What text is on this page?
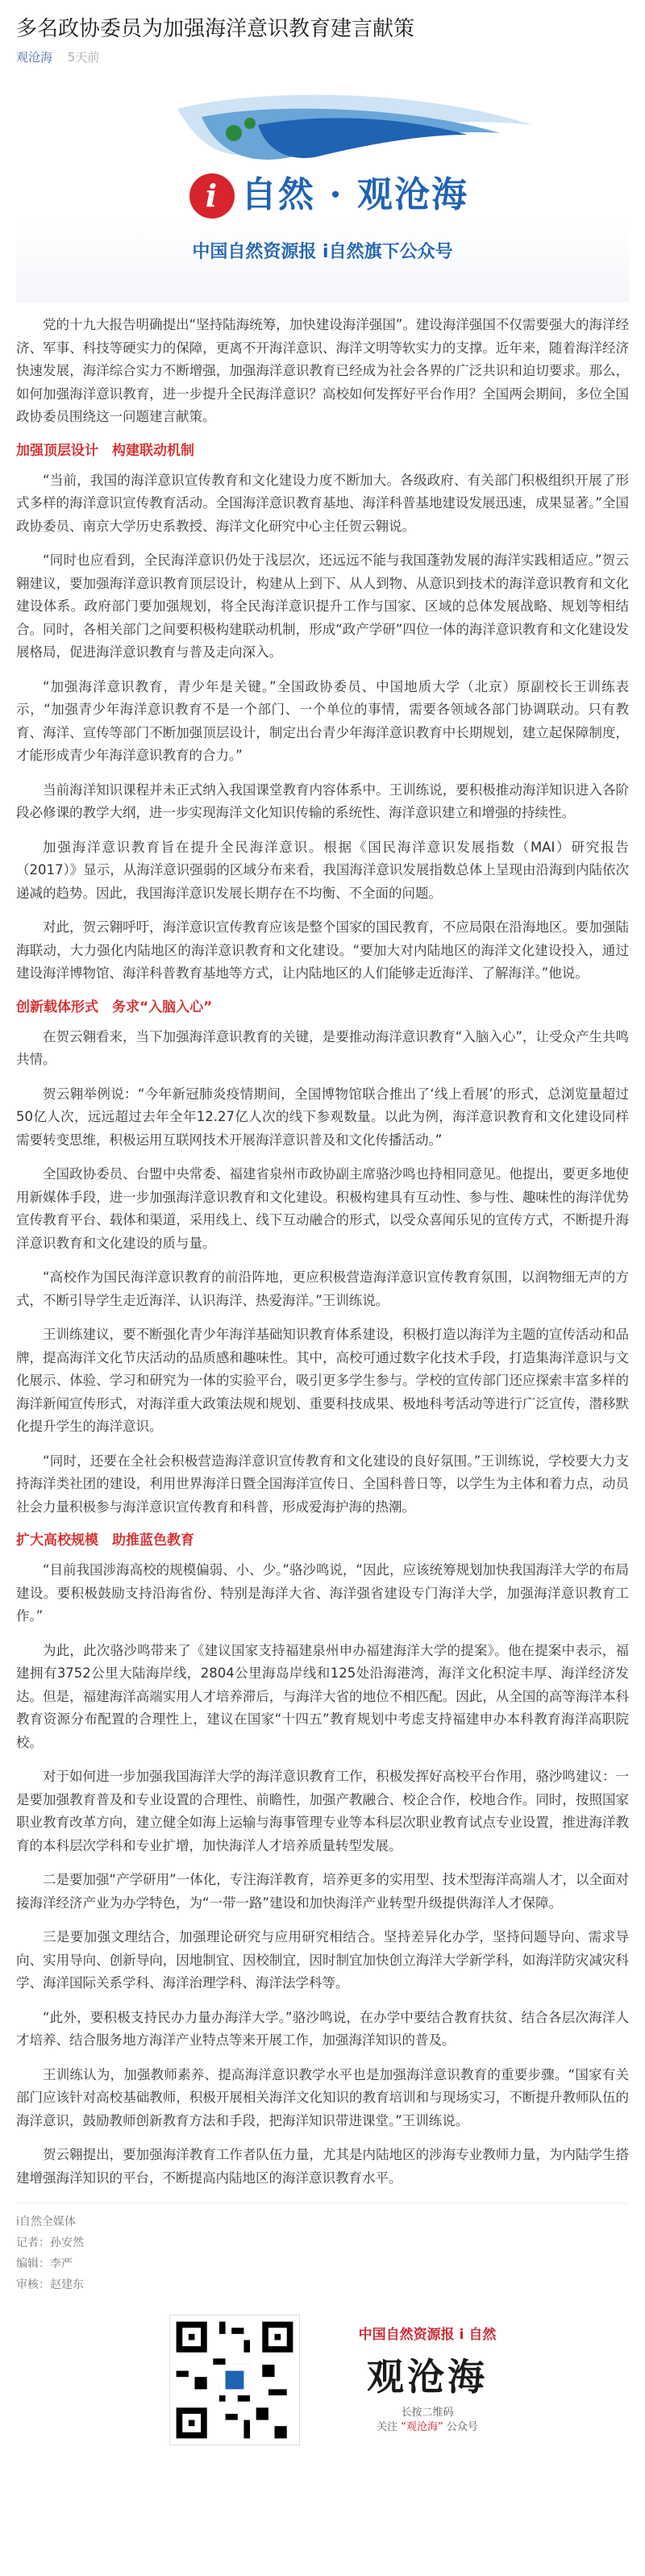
多名政协委员为加强海洋意识教育建言献策
观沧海 5天前
i 自然 · 观沧海
中国自然资源报 i自然旗下公众号
党的十九大报告明确提出“坚持陆海统筹，加快建设海洋强国”。建设海洋强国不仅需要强大的海洋经济、军事、科技等硬实力的保障，更离不开海洋意识、海洋文明等软实力的支撑。近年来，随着海洋经济快速发展，海洋综合实力不断增强，加强海洋意识教育已经成为社会各界的广泛共识和迫切要求。那么，如何加强海洋意识教育，进一步提升全民海洋意识？高校如何发挥好平台作用？全国两会期间，多位全国政协委员围绕这一问题建言献策。
加强顶层设计　构建联动机制
“当前，我国的海洋意识宣传教育和文化建设力度不断加大。各级政府、有关部门积极组织开展了形式多样的海洋意识宣传教育活动。全国海洋意识教育基地、海洋科普基地建设发展迅速，成果显著。”全国政协委员、南京大学历史系教授、海洋文化研究中心主任贺云翱说。
“同时也应看到，全民海洋意识仍处于浅层次，还远远不能与我国蓬勃发展的海洋实践相适应。”贺云翱建议，要加强海洋意识教育顶层设计，构建从上到下、从人到物、从意识到技术的海洋意识教育和文化建设体系。政府部门要加强规划，将全民海洋意识提升工作与国家、区域的总体发展战略、规划等相结合。同时，各相关部门之间要积极构建联动机制，形成“政产学研”四位一体的海洋意识教育和文化建设发展格局，促进海洋意识教育与普及走向深入。
“加强海洋意识教育，青少年是关键。”全国政协委员、中国地质大学（北京）原副校长王训练表示，“加强青少年海洋意识教育不是一个部门、一个单位的事情，需要各领域各部门协调联动。只有教育、海洋、宣传等部门不断加强顶层设计，制定出台青少年海洋意识教育中长期规划，建立起保障制度，才能形成青少年海洋意识教育的合力。”
当前海洋知识课程并未正式纳入我国课堂教育内容体系中。王训练说，要积极推动海洋知识进入各阶段必修课的教学大纲，进一步实现海洋文化知识传输的系统性、海洋意识建立和增强的持续性。
加强海洋意识教育旨在提升全民海洋意识。根据《国民海洋意识发展指数（MAI）研究报告（2017）》显示，从海洋意识强弱的区域分布来看，我国海洋意识发展指数总体上呈现由沿海到内陆依次递减的趋势。因此，我国海洋意识发展长期存在不均衡、不全面的问题。
对此，贺云翱呼吁，海洋意识宣传教育应该是整个国家的国民教育，不应局限在沿海地区。要加强陆海联动，大力强化内陆地区的海洋意识教育和文化建设。“要加大对内陆地区的海洋文化建设投入，通过建设海洋博物馆、海洋科普教育基地等方式，让内陆地区的人们能够走近海洋、了解海洋。”他说。
创新载体形式　务求“入脑入心”
在贺云翱看来，当下加强海洋意识教育的关键，是要推动海洋意识教育“入脑入心”，让受众产生共鸣共情。
贺云翱举例说：“今年新冠肺炎疫情期间，全国博物馆联合推出了‘线上看展’的形式，总浏览量超过50亿人次，远远超过去年全年12.27亿人次的线下参观数量。以此为例，海洋意识教育和文化建设同样需要转变思维，积极运用互联网技术开展海洋意识普及和文化传播活动。”
全国政协委员、台盟中央常委、福建省泉州市政协副主席骆沙鸣也持相同意见。他提出，要更多地使用新媒体手段，进一步加强海洋意识教育和文化建设。积极构建具有互动性、参与性、趣味性的海洋优势宣传教育平台、载体和渠道，采用线上、线下互动融合的形式，以受众喜闻乐见的宣传方式，不断提升海洋意识教育和文化建设的质与量。
“高校作为国民海洋意识教育的前沿阵地，更应积极营造海洋意识宣传教育氛围，以润物细无声的方式，不断引导学生走近海洋、认识海洋、热爱海洋。”王训练说。
王训练建议，要不断强化青少年海洋基础知识教育体系建设，积极打造以海洋为主题的宣传活动和品牌，提高海洋文化节庆活动的品质感和趣味性。其中，高校可通过数字化技术手段，打造集海洋意识与文化展示、体验、学习和研究为一体的实验平台，吸引更多学生参与。学校的宣传部门还应探索丰富多样的海洋新闻宣传形式，对海洋重大政策法规和规划、重要科技成果、极地科考活动等进行广泛宣传，潜移默化提升学生的海洋意识。
“同时，还要在全社会积极营造海洋意识宣传教育和文化建设的良好氛围。”王训练说，学校要大力支持海洋类社团的建设，利用世界海洋日暨全国海洋宣传日、全国科普日等，以学生为主体和着力点，动员社会力量积极参与海洋意识宣传教育和科普，形成爱海护海的热潮。
扩大高校规模　助推蓝色教育
“目前我国涉海高校的规模偏弱、小、少。”骆沙鸣说，“因此，应该统筹规划加快我国海洋大学的布局建设。要积极鼓励支持沿海省份、特别是海洋大省、海洋强省建设专门海洋大学，加强海洋意识教育工作。”
为此，此次骆沙鸣带来了《建议国家支持福建泉州申办福建海洋大学的提案》。他在提案中表示，福建拥有3752公里大陆海岸线，2804公里海岛岸线和125处沿海港湾，海洋文化积淀丰厚、海洋经济发达。但是，福建海洋高端实用人才培养滞后，与海洋大省的地位不相匹配。因此，从全国的高等海洋本科教育资源分布配置的合理性上，建议在国家“十四五”教育规划中考虑支持福建申办本科教育海洋高职院校。
对于如何进一步加强我国海洋大学的海洋意识教育工作，积极发挥好高校平台作用，骆沙鸣建议：一是要加强教育普及和专业设置的合理性、前瞻性，加强产教融合、校企合作，校地合作。同时，按照国家职业教育改革方向，建立健全如海上运输与海事管理专业等本科层次职业教育试点专业设置，推进海洋教育的本科层次学科和专业扩增，加快海洋人才培养质量转型发展。
二是要加强“产学研用”一体化，专注海洋教育，培养更多的实用型、技术型海洋高端人才，以全面对接海洋经济产业为办学特色，为“一带一路”建设和加快海洋产业转型升级提供海洋人才保障。
三是要加强文理结合，加强理论研究与应用研究相结合。坚持差异化办学，坚持问题导向、需求导向、实用导向、创新导向，因地制宜、因校制宜，因时制宜加快创立海洋大学新学科，如海洋防灾减灾科学、海洋国际关系学科、海洋治理学科、海洋法学科等。
“此外，要积极支持民办力量办海洋大学。”骆沙鸣说，在办学中要结合教育扶贫、结合各层次海洋人才培养、结合服务地方海洋产业特点等来开展工作，加强海洋知识的普及。
王训练认为，加强教师素养、提高海洋意识教学水平也是加强海洋意识教育的重要步骤。“国家有关部门应该针对高校基础教师，积极开展相关海洋文化知识的教育培训和与现场实习，不断提升教师队伍的海洋意识，鼓励教师创新教育方法和手段，把海洋知识带进课堂。”王训练说。
贺云翱提出，要加强海洋教育工作者队伍力量，尤其是内陆地区的涉海专业教师力量，为内陆学生搭建增强海洋知识的平台，不断提高内陆地区的海洋意识教育水平。
i自然全媒体
记者：孙安然
编辑：李严
审核：赵建东
中国自然资源报 i 自然
观沧海
长按二维码
关注 “观沧海” 公众号
